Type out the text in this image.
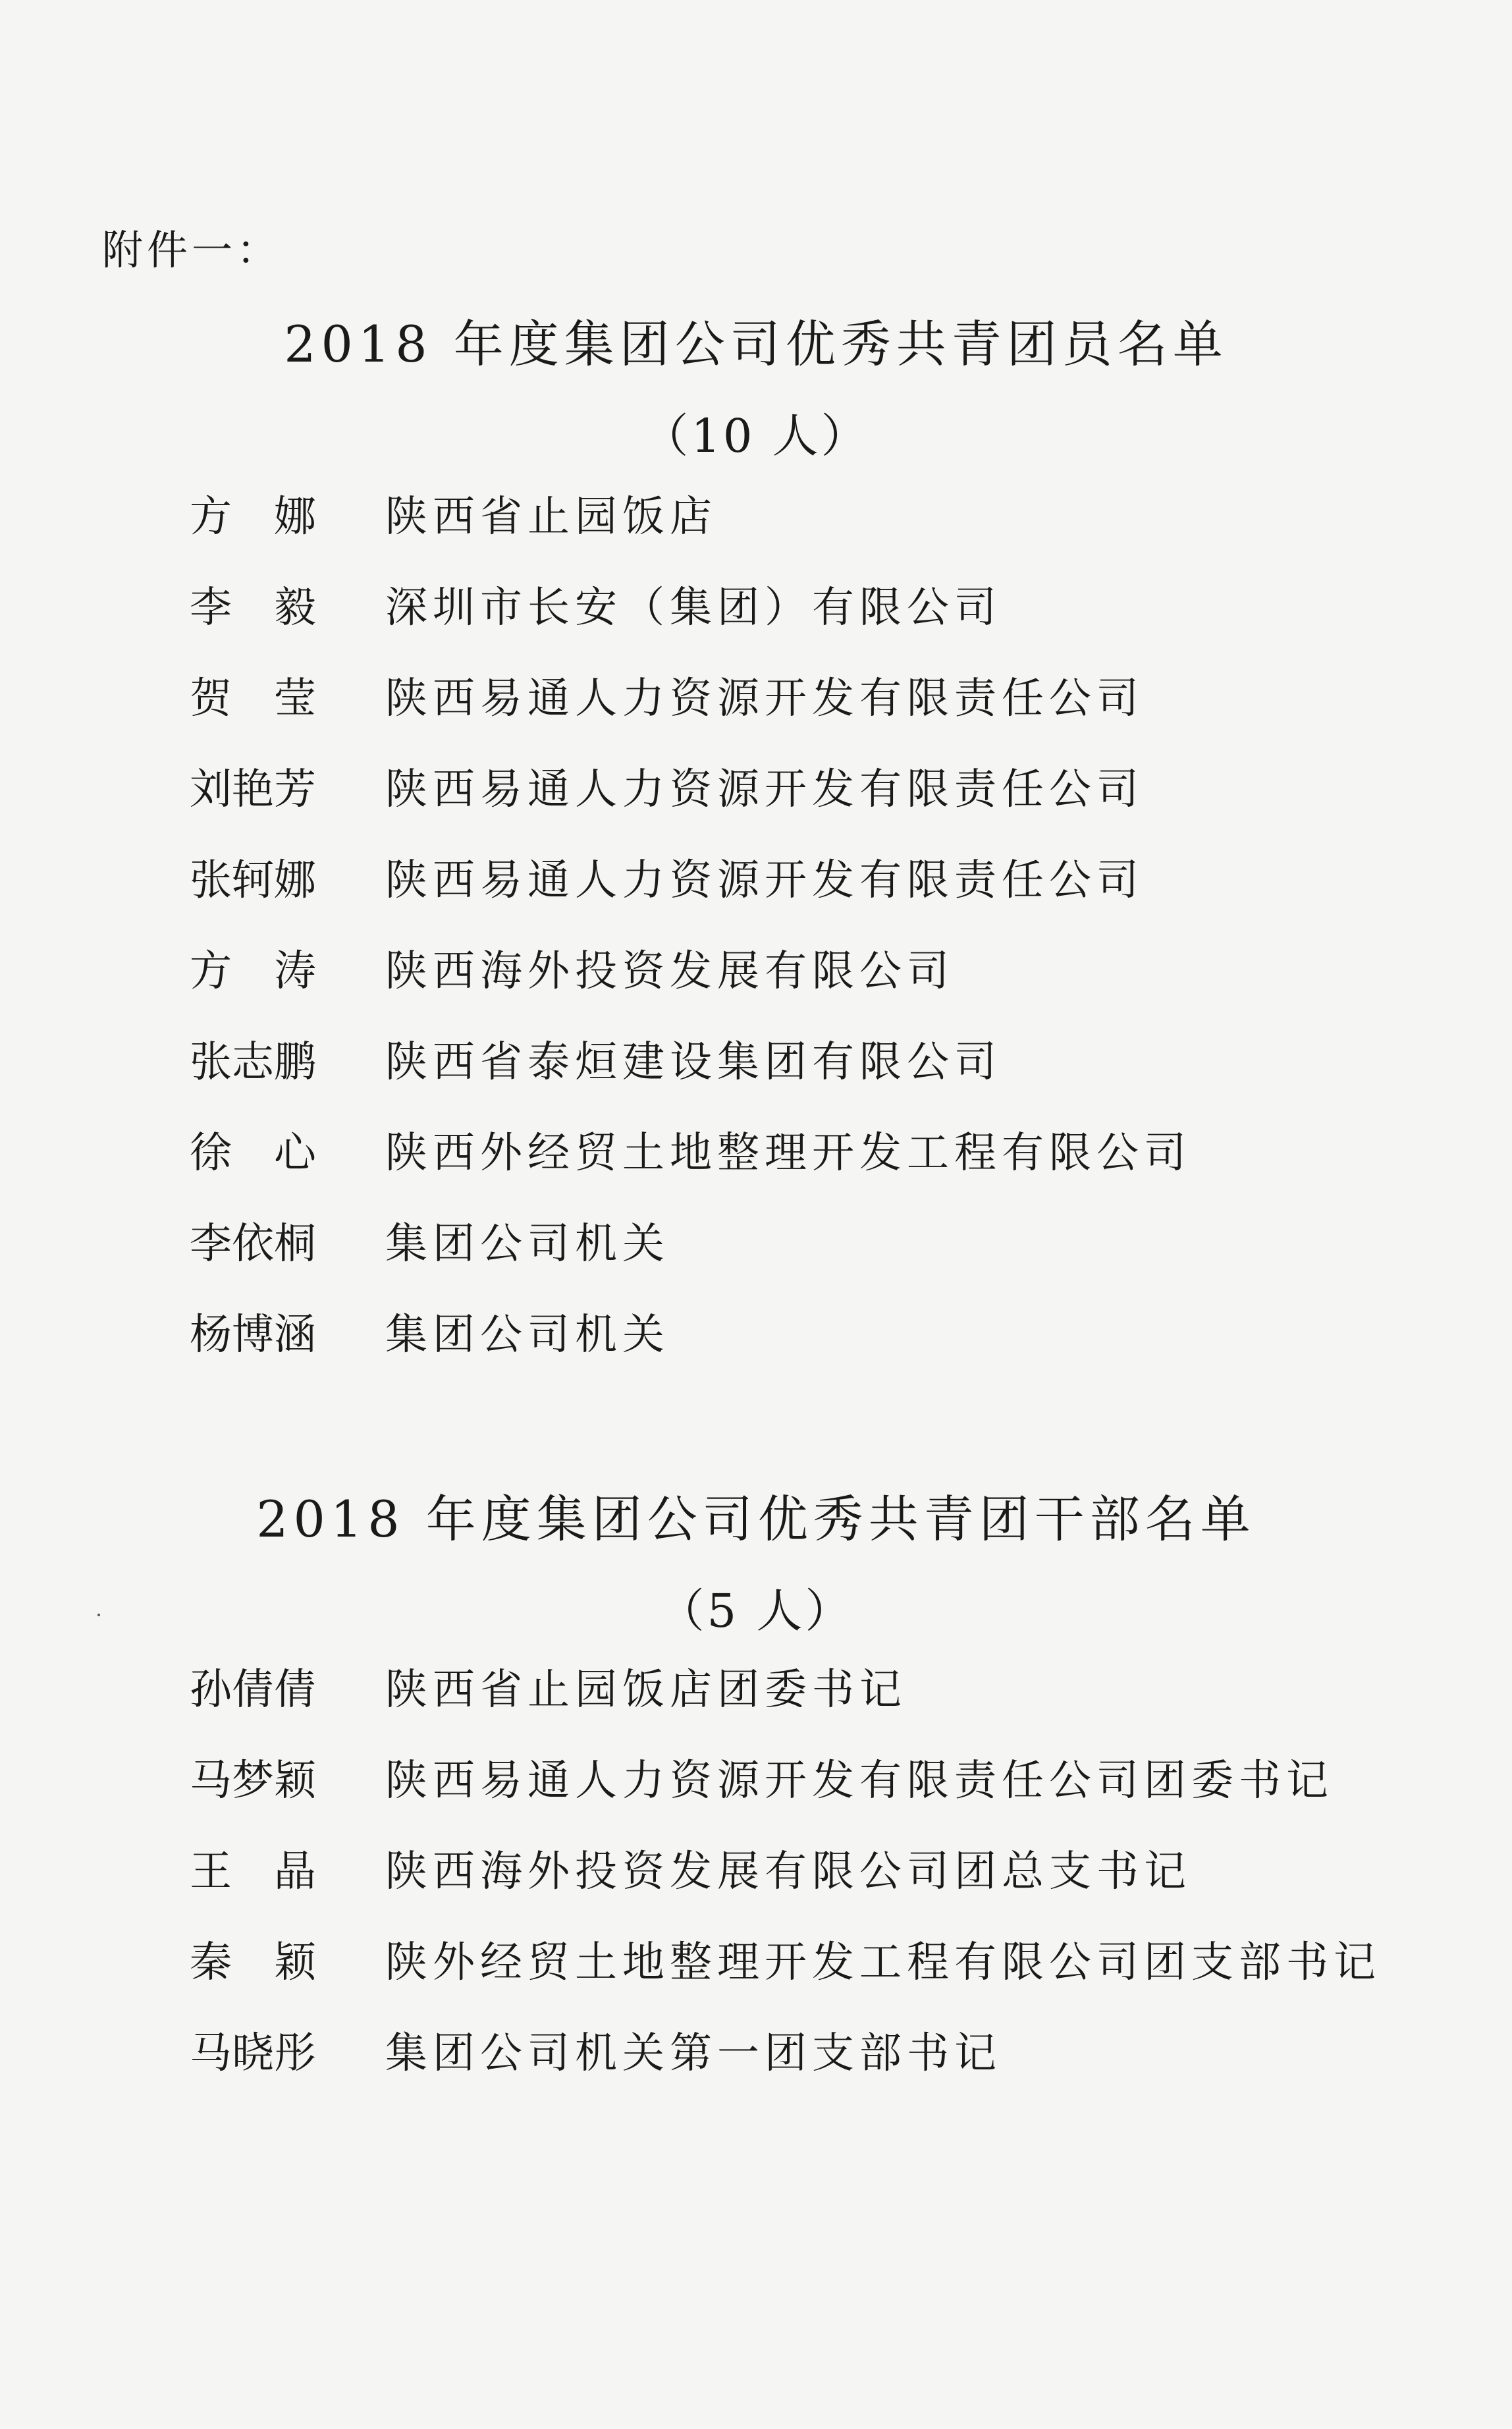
附件一：
2018 年度集团公司优秀共青团员名单
（10 人）
方　娜 陕西省止园饭店
李　毅 深圳市长安（集团）有限公司
贺　莹 陕西易通人力资源开发有限责任公司
刘艳芳 陕西易通人力资源开发有限责任公司
张轲娜 陕西易通人力资源开发有限责任公司
方　涛 陕西海外投资发展有限公司
张志鹏 陕西省泰烜建设集团有限公司
徐　心 陕西外经贸土地整理开发工程有限公司
李依桐 集团公司机关
杨博涵 集团公司机关
2018 年度集团公司优秀共青团干部名单
（5 人）
孙倩倩 陕西省止园饭店团委书记
马梦颖 陕西易通人力资源开发有限责任公司团委书记
王　晶 陕西海外投资发展有限公司团总支书记
秦　颖 陕外经贸土地整理开发工程有限公司团支部书记
马晓彤 集团公司机关第一团支部书记
